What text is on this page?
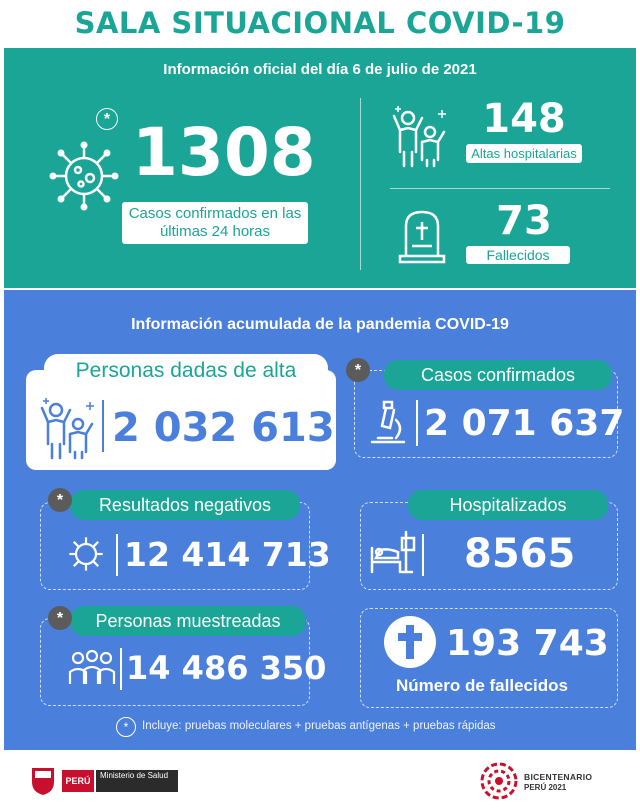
SALA SITUACIONAL COVID-19
Información oficial del día 6 de julio de 2021
* 1308
Casos confirmados en las últimas 24 horas
148
Altas hospitalarias
73
Fallecidos
Información acumulada de la pandemia COVID-19
Personas dadas de alta
2 032 613
Casos confirmados
*
2 071 637
Resultados negativos
*
12 414 713
Hospitalizados
8565
Personas muestreadas
*
14 486 350
193 743
Número de fallecidos
*	Incluye: pruebas moleculares + pruebas antígenas + pruebas rápidas
PERÚ
Ministerio de Salud	BICENTENARIO
PERÚ 2021
